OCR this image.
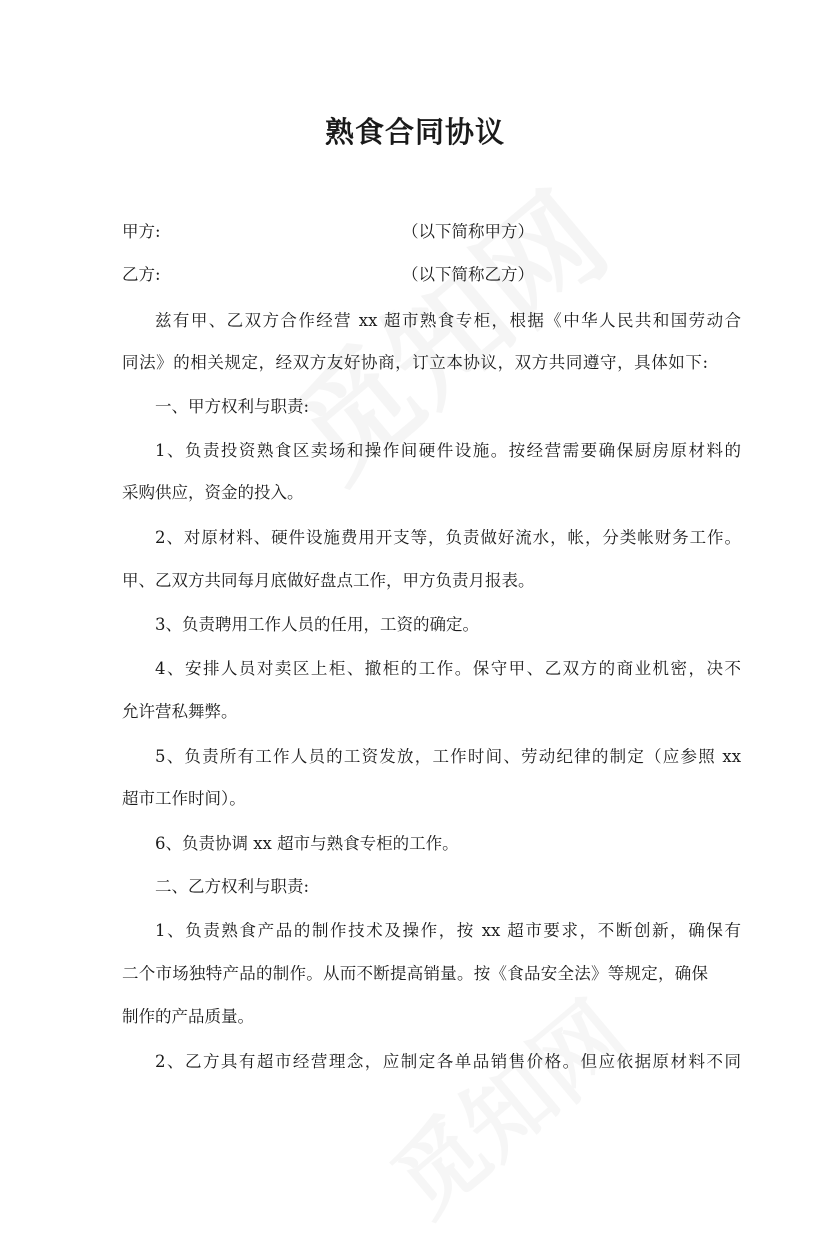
熟食合同协议
甲方:	（以下简称甲方）
乙方:	（以下简称乙方）
兹有甲、乙双方合作经营 xx 超市熟食专柜，根据《中华人民共和国劳动合
同法》的相关规定，经双方友好协商，订立本协议，双方共同遵守，具体如下:
一、甲方权利与职责:
1、负责投资熟食区卖场和操作间硬件设施。按经营需要确保厨房原材料的
采购供应，资金的投入。
2、对原材料、硬件设施费用开支等，负责做好流水，帐，分类帐财务工作。
甲、乙双方共同每月底做好盘点工作，甲方负责月报表。
3、负责聘用工作人员的任用，工资的确定。
4、安排人员对卖区上柜、撤柜的工作。保守甲、乙双方的商业机密，决不
允许营私舞弊。
5、负责所有工作人员的工资发放，工作时间、劳动纪律的制定（应参照 xx
超市工作时间）。
6、负责协调 xx 超市与熟食专柜的工作。
二、乙方权利与职责:
1、负责熟食产品的制作技术及操作，按 xx 超市要求，不断创新，确保有
二个市场独特产品的制作。从而不断提高销量。按《食品安全法》等规定，确保
制作的产品质量。
2、乙方具有超市经营理念，应制定各单品销售价格。但应依据原材料不同
